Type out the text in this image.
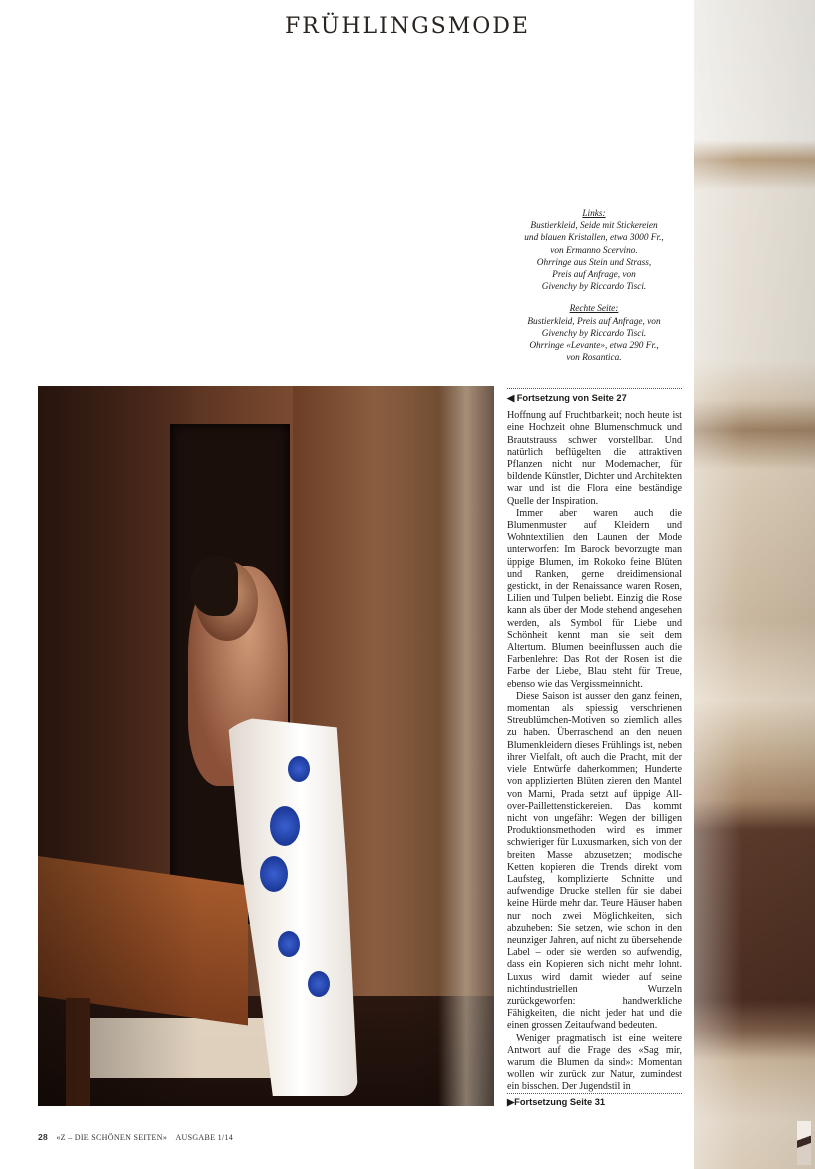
FRÜHLINGSMODE
Links:
Bustierkleid, Seide mit Stickereien
und blauen Kristallen, etwa 3000 Fr.,
von Ermanno Scervino.
Ohrringe aus Stein und Strass,
Preis auf Anfrage, von
Givenchy by Riccardo Tisci.
Rechte Seite:
Bustierkleid, Preis auf Anfrage, von
Givenchy by Riccardo Tisci.
Ohrringe «Levante», etwa 290 Fr.,
von Rosantica.
◀ Fortsetzung von Seite 27

Hoffnung auf Fruchtbarkeit; noch heute ist eine Hochzeit ohne Blumenschmuck und Brautstrauss schwer vorstellbar. Und natürlich beflügelten die attraktiven Pflanzen nicht nur Modemacher, für bildende Künstler, Dichter und Architekten war und ist die Flora eine beständige Quelle der Inspiration.

Immer aber waren auch die Blumenmuster auf Kleidern und Wohntextilien den Launen der Mode unterworfen: Im Barock bevorzugte man üppige Blumen, im Rokoko feine Blüten und Ranken, gerne dreidimensional gestickt, in der Renaissance waren Rosen, Lilien und Tulpen beliebt. Einzig die Rose kann als über der Mode stehend angesehen werden, als Symbol für Liebe und Schönheit kennt man sie seit dem Altertum. Blumen beeinflussen auch die Farbenlehre: Das Rot der Rosen ist die Farbe der Liebe, Blau steht für Treue, ebenso wie das Vergissmeinnicht.

Diese Saison ist ausser den ganz feinen, momentan als spiessig verschrienen Streublümchen-Motiven so ziemlich alles zu haben. Überraschend an den neuen Blumenkleidern dieses Frühlings ist, neben ihrer Vielfalt, oft auch die Pracht, mit der viele Entwürfe daherkommen; Hunderte von applizierten Blüten zieren den Mantel von Marni, Prada setzt auf üppige All-over-Paillettenstickereien. Das kommt nicht von ungefähr: Wegen der billigen Produktionsmethoden wird es immer schwieriger für Luxusmarken, sich von der breiten Masse abzusetzen; modische Ketten kopieren die Trends direkt vom Laufsteg, komplizierte Schnitte und aufwendige Drucke stellen für sie dabei keine Hürde mehr dar. Teure Häuser haben nur noch zwei Möglichkeiten, sich abzuheben: Sie setzen, wie schon in den neunziger Jahren, auf nicht zu übersehende Label – oder sie werden so aufwendig, dass ein Kopieren sich nicht mehr lohnt. Luxus wird damit wieder auf seine nichtindustriellen Wurzeln zurückgeworfen: handwerkliche Fähigkeiten, die nicht jeder hat und die einen grossen Zeitaufwand bedeuten.

Weniger pragmatisch ist eine weitere Antwort auf die Frage des «Sag mir, warum die Blumen da sind»: Momentan wollen wir zurück zur Natur, zumindest ein bisschen. Der Jugendstil in

▶Fortsetzung Seite 31
28 «Z – DIE SCHÖNEN SEITEN» AUSGABE 1/14
